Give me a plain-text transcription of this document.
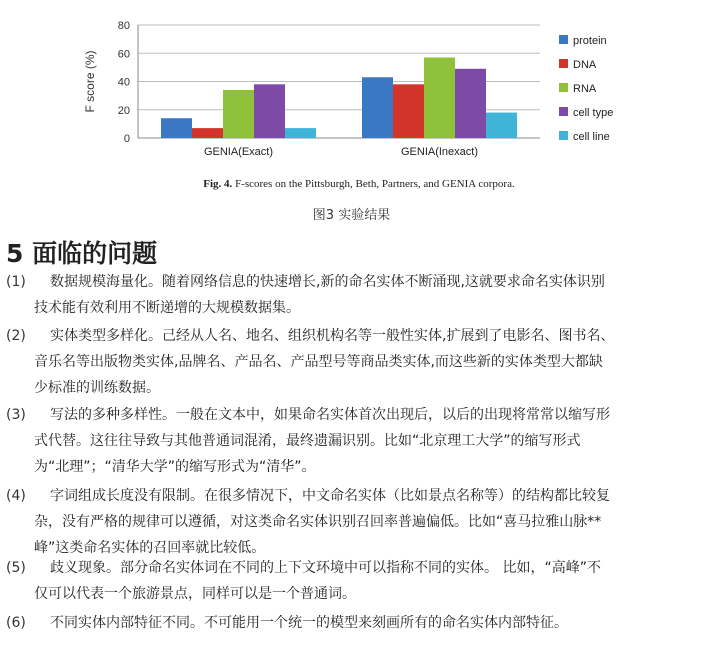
0
20
40
60
80
F score (%)
GENIA(Exact)	GENIA(Inexact)
protein
DNA
RNA
cell type
cell line
Fig. 4. F-scores on the Pittsburgh, Beth, Partners, and GENIA corpora.
图3 实验结果
5 面临的问题
(1) 数据规模海量化。随着网络信息的快速增长,新的命名实体不断涌现,这就要求命名实体识别
技术能有效利用不断递增的大规模数据集。
(2) 实体类型多样化。己经从人名、地名、组织机构名等一般性实体,扩展到了电影名、图书名、
音乐名等出版物类实体,品牌名、产品名、产品型号等商品类实体,而这些新的实体类型大都缺
少标准的训练数据。
(3) 写法的多种多样性。一般在文本中，如果命名实体首次出现后，以后的出现将常常以缩写形
式代替。这往往导致与其他普通词混淆，最终遗漏识别。比如“北京理工大学”的缩写形式
为“北理”；“清华大学”的缩写形式为“清华”。
(4) 字词组成长度没有限制。在很多情况下，中文命名实体（比如景点名称等）的结构都比较复
杂，没有严格的规律可以遵循，对这类命名实体识别召回率普遍偏低。比如“喜马拉雅山脉**
峰”这类命名实体的召回率就比较低。
(5) 歧义现象。部分命名实体词在不同的上下文环境中可以指称不同的实体。 比如，“高峰”不
仅可以代表一个旅游景点，同样可以是一个普通词。
(6) 不同实体内部特征不同。不可能用一个统一的模型来刻画所有的命名实体内部特征。
